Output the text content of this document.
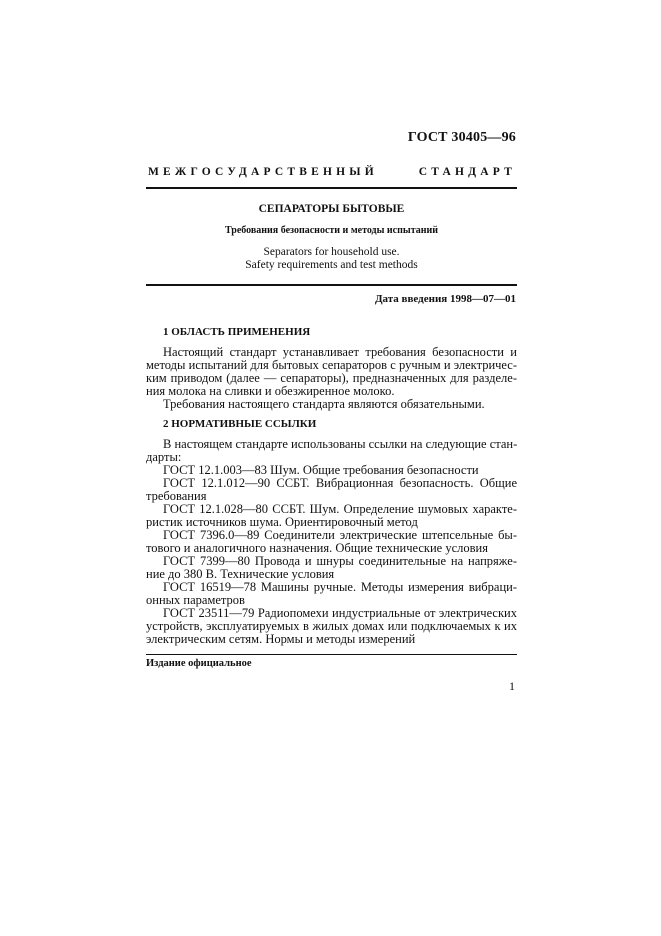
ГОСТ 30405—96
МЕЖГОСУДАРСТВЕННЫЙ СТАНДАРТ
СЕПАРАТОРЫ БЫТОВЫЕ
Требования безопасности и методы испытаний
Separators for household use.
Safety requirements and test methods
Дата введения 1998—07—01
1 ОБЛАСТЬ ПРИМЕНЕНИЯ
Настоящий стандарт устанавливает требования безопасности и
методы испытаний для бытовых сепараторов с ручным и электричес-
ким приводом (далее — сепараторы), предназначенных для разделе-
ния молока на сливки и обезжиренное молоко.
Требования настоящего стандарта являются обязательными.
2 НОРМАТИВНЫЕ ССЫЛКИ
В настоящем стандарте использованы ссылки на следующие стан-
дарты:
ГОСТ 12.1.003—83 Шум. Общие требования безопасности
ГОСТ 12.1.012—90 ССБТ. Вибрационная безопасность. Общие
требования
ГОСТ 12.1.028—80 ССБТ. Шум. Определение шумовых характе-
ристик источников шума. Ориентировочный метод
ГОСТ 7396.0—89 Соединители электрические штепсельные бы-
тового и аналогичного назначения. Общие технические условия
ГОСТ 7399—80 Провода и шнуры соединительные на напряже-
ние до 380 В. Технические условия
ГОСТ 16519—78 Машины ручные. Методы измерения вибраци-
онных параметров
ГОСТ 23511—79 Радиопомехи индустриальные от электрических
устройств, эксплуатируемых в жилых домах или подключаемых к их
электрическим сетям. Нормы и методы измерений
Издание официальное
1
